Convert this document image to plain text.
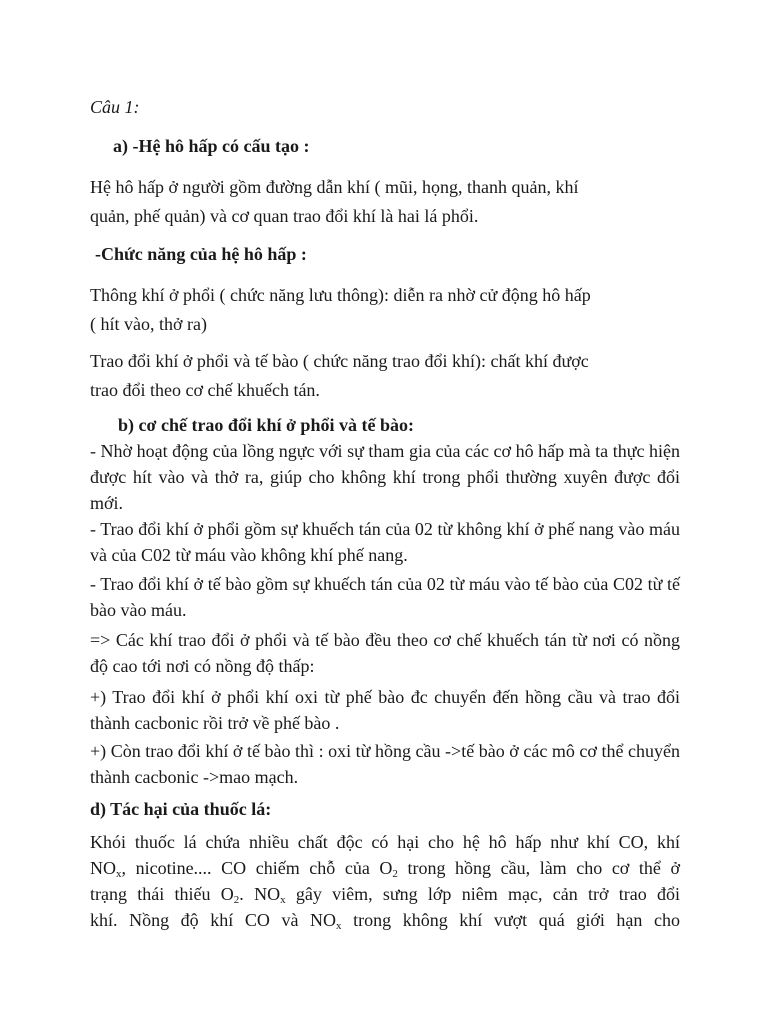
Câu 1:

a) -Hệ hô hấp có cấu tạo :

Hệ hô hấp ở người gồm đường dẫn khí ( mũi, họng, thanh quản, khí
quản, phế quản) và cơ quan trao đổi khí là hai lá phổi.

-Chức năng của hệ hô hấp :

Thông khí ở phổi ( chức năng lưu thông): diễn ra nhờ cử động hô hấp
( hít vào, thở ra)

Trao đổi khí ở phổi và tế bào ( chức năng trao đổi khí): chất khí được
trao đổi theo cơ chế khuếch tán.

b) cơ chế trao đổi khí ở phổi và tế bào:

- Nhờ hoạt động của lồng ngực với sự tham gia của các cơ hô hấp mà ta thực hiện được hít vào và thở ra, giúp cho không khí trong phổi thường xuyên được đổi mới.

- Trao đổi khí ở phổi gồm sự khuếch tán của 02 từ không khí ở phế nang vào máu và của C02 từ máu vào không khí phế nang.

- Trao đổi khí ở tế bào gồm sự khuếch tán của 02 từ máu vào tế bào của C02 từ tế bào vào máu.

=> Các khí trao đổi ở phổi và tế bào đều theo cơ chế khuếch tán từ nơi có nồng độ cao tới nơi có nồng độ thấp:

+) Trao đổi khí ở phổi khí oxi từ phế bào đc chuyển đến hồng cầu và trao đổi thành cacbonic rồi trở về phế bào .

+) Còn trao đổi khí ở tế bào thì : oxi từ hồng cầu ->tế bào ở các mô cơ thể chuyển thành cacbonic ->mao mạch.

d) Tác hại của thuốc lá:

Khói thuốc lá chứa nhiều chất độc có hại cho hệ hô hấp như khí CO, khí
$NO_x$, nicotine.... CO chiếm chỗ của $O_2$ trong hồng cầu, làm cho cơ thể ở
trạng thái thiếu $O_2$. $NO_x$ gây viêm, sưng lớp niêm mạc, cản trở trao đổi
khí. Nồng độ khí CO và $NO_x$ trong không khí vượt quá giới hạn cho
